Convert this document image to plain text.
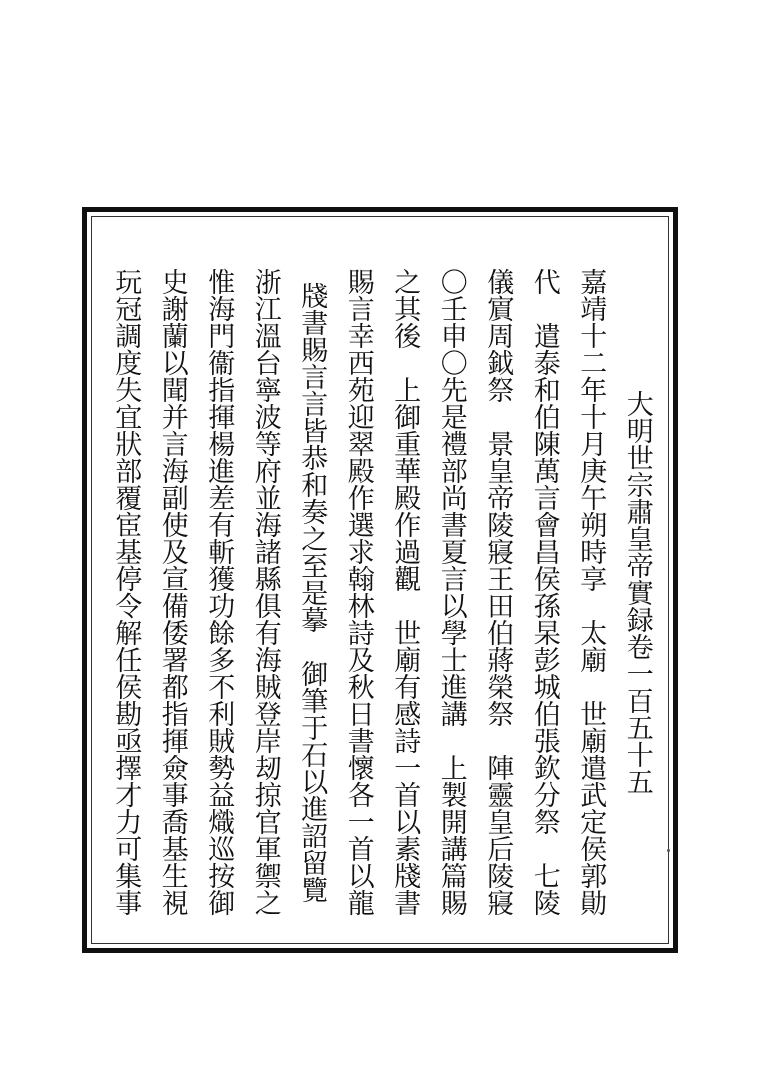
大明世宗肅皇帝實録卷一百五十五
嘉靖十二年十月庚午朔時享　太廟　世廟遣武定侯郭勛
代　遣泰和伯陳萬言會昌侯孫杲彭城伯張欽分祭　七陵
儀賔周鉞祭　景皇帝陵寢王田伯蔣榮祭　陣靈皇后陵寢
〇壬申〇先是禮部尚書夏言以學士進講　上製開講篇賜
之其後　上御重華殿作過觀　世廟有感詩一首以素牋書
賜言幸西苑迎翠殿作選求翰林詩及秋日書懷各一首以龍
牋書賜言言皆恭和奏之至是摹　御筆于石以進詔留覽
浙江溫台寧波等府並海諸縣俱有海賊登岸刼掠官軍禦之
惟海門衞指揮楊進差有斬獲功餘多不利賊勢益熾巡按御
史謝蘭以聞并言海副使及宣備倭署都指揮僉事喬基生視
玩冠調度失宜狀部覆宦基停令解任侯勘亟擇才力可集事
